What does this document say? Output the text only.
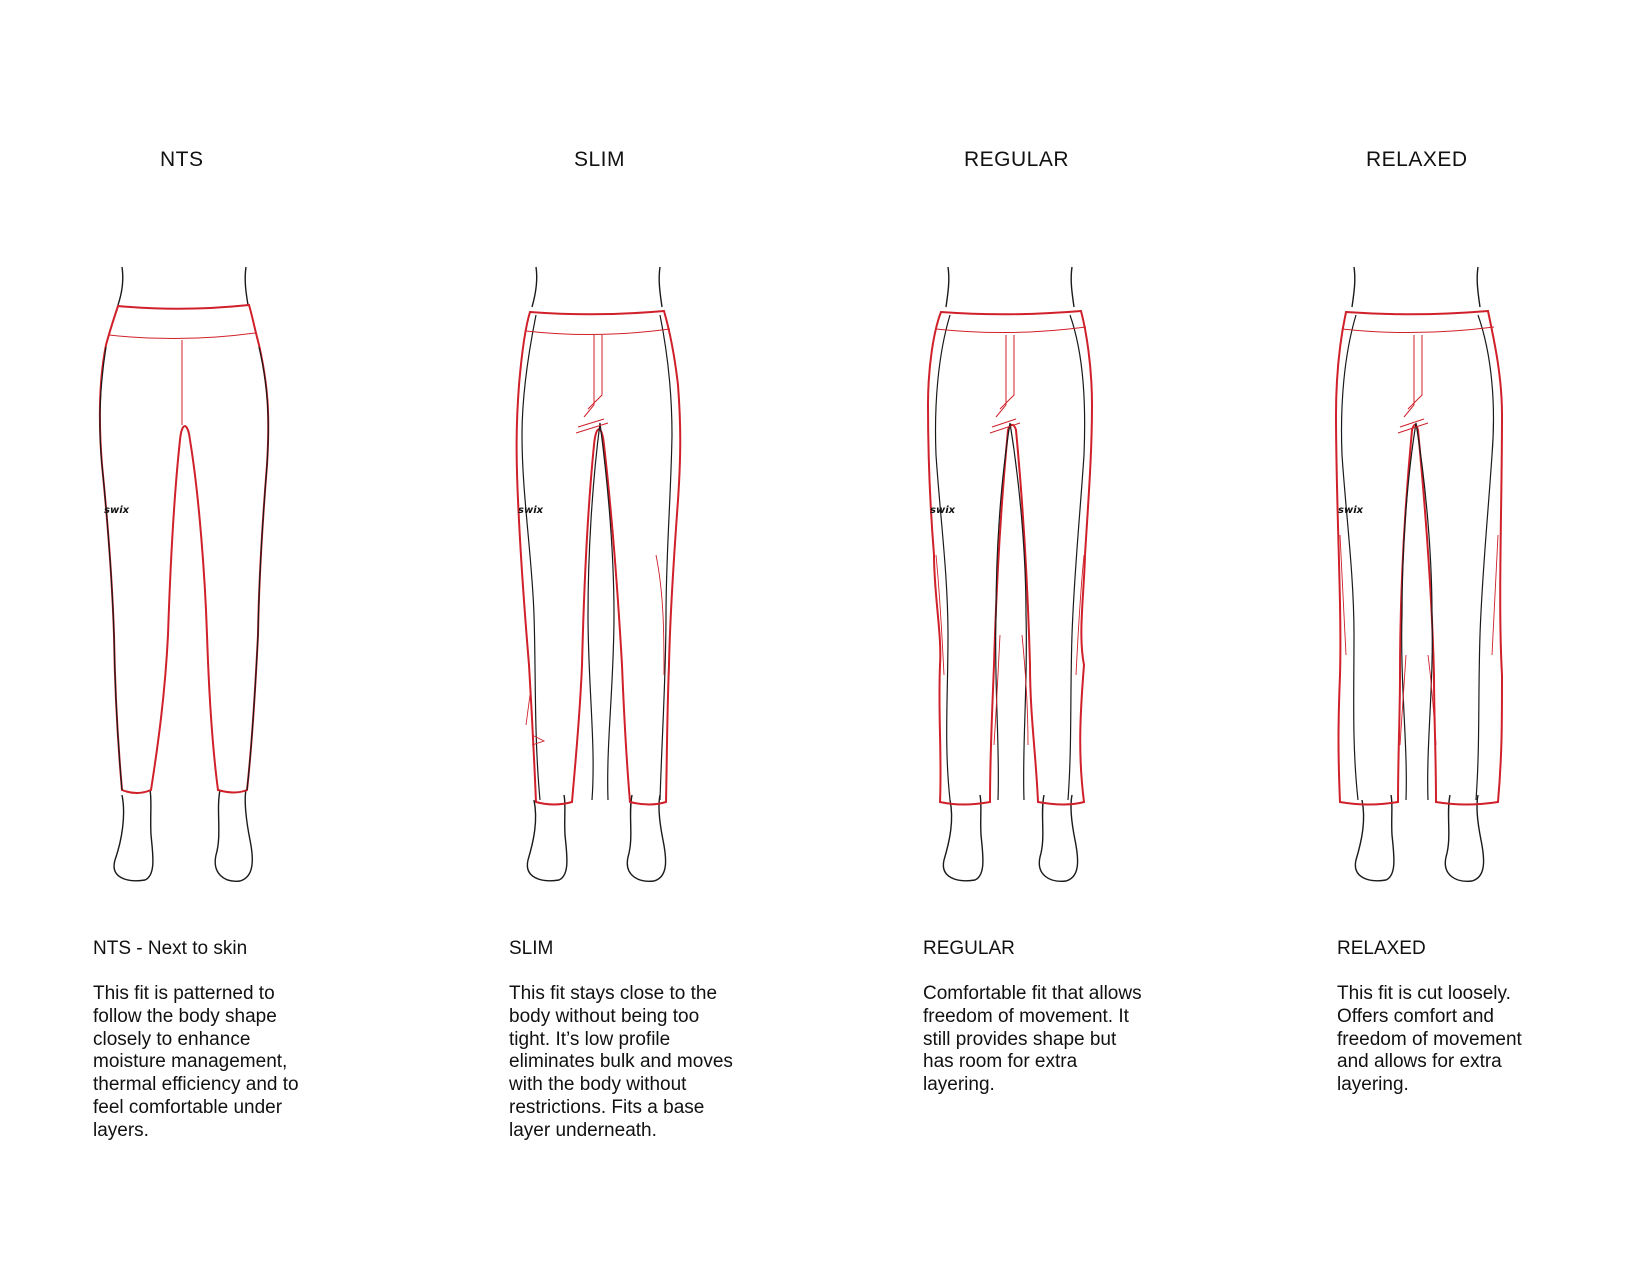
NTS
swix
NTS - Next to skin
This fit is patterned to
follow the body shape
closely to enhance
moisture management,
thermal efficiency and to
feel comfortable under
layers.
SLIM
swix
SLIM
This fit stays close to the
body without being too
tight. It’s low profile
eliminates bulk and moves
with the body without
restrictions. Fits a base
layer underneath.
REGULAR
swix
REGULAR
Comfortable fit that allows
freedom of movement. It
still provides shape but
has room for extra
layering.
RELAXED
swix
RELAXED
This fit is cut loosely.
Offers comfort and
freedom of movement
and allows for extra
layering.
